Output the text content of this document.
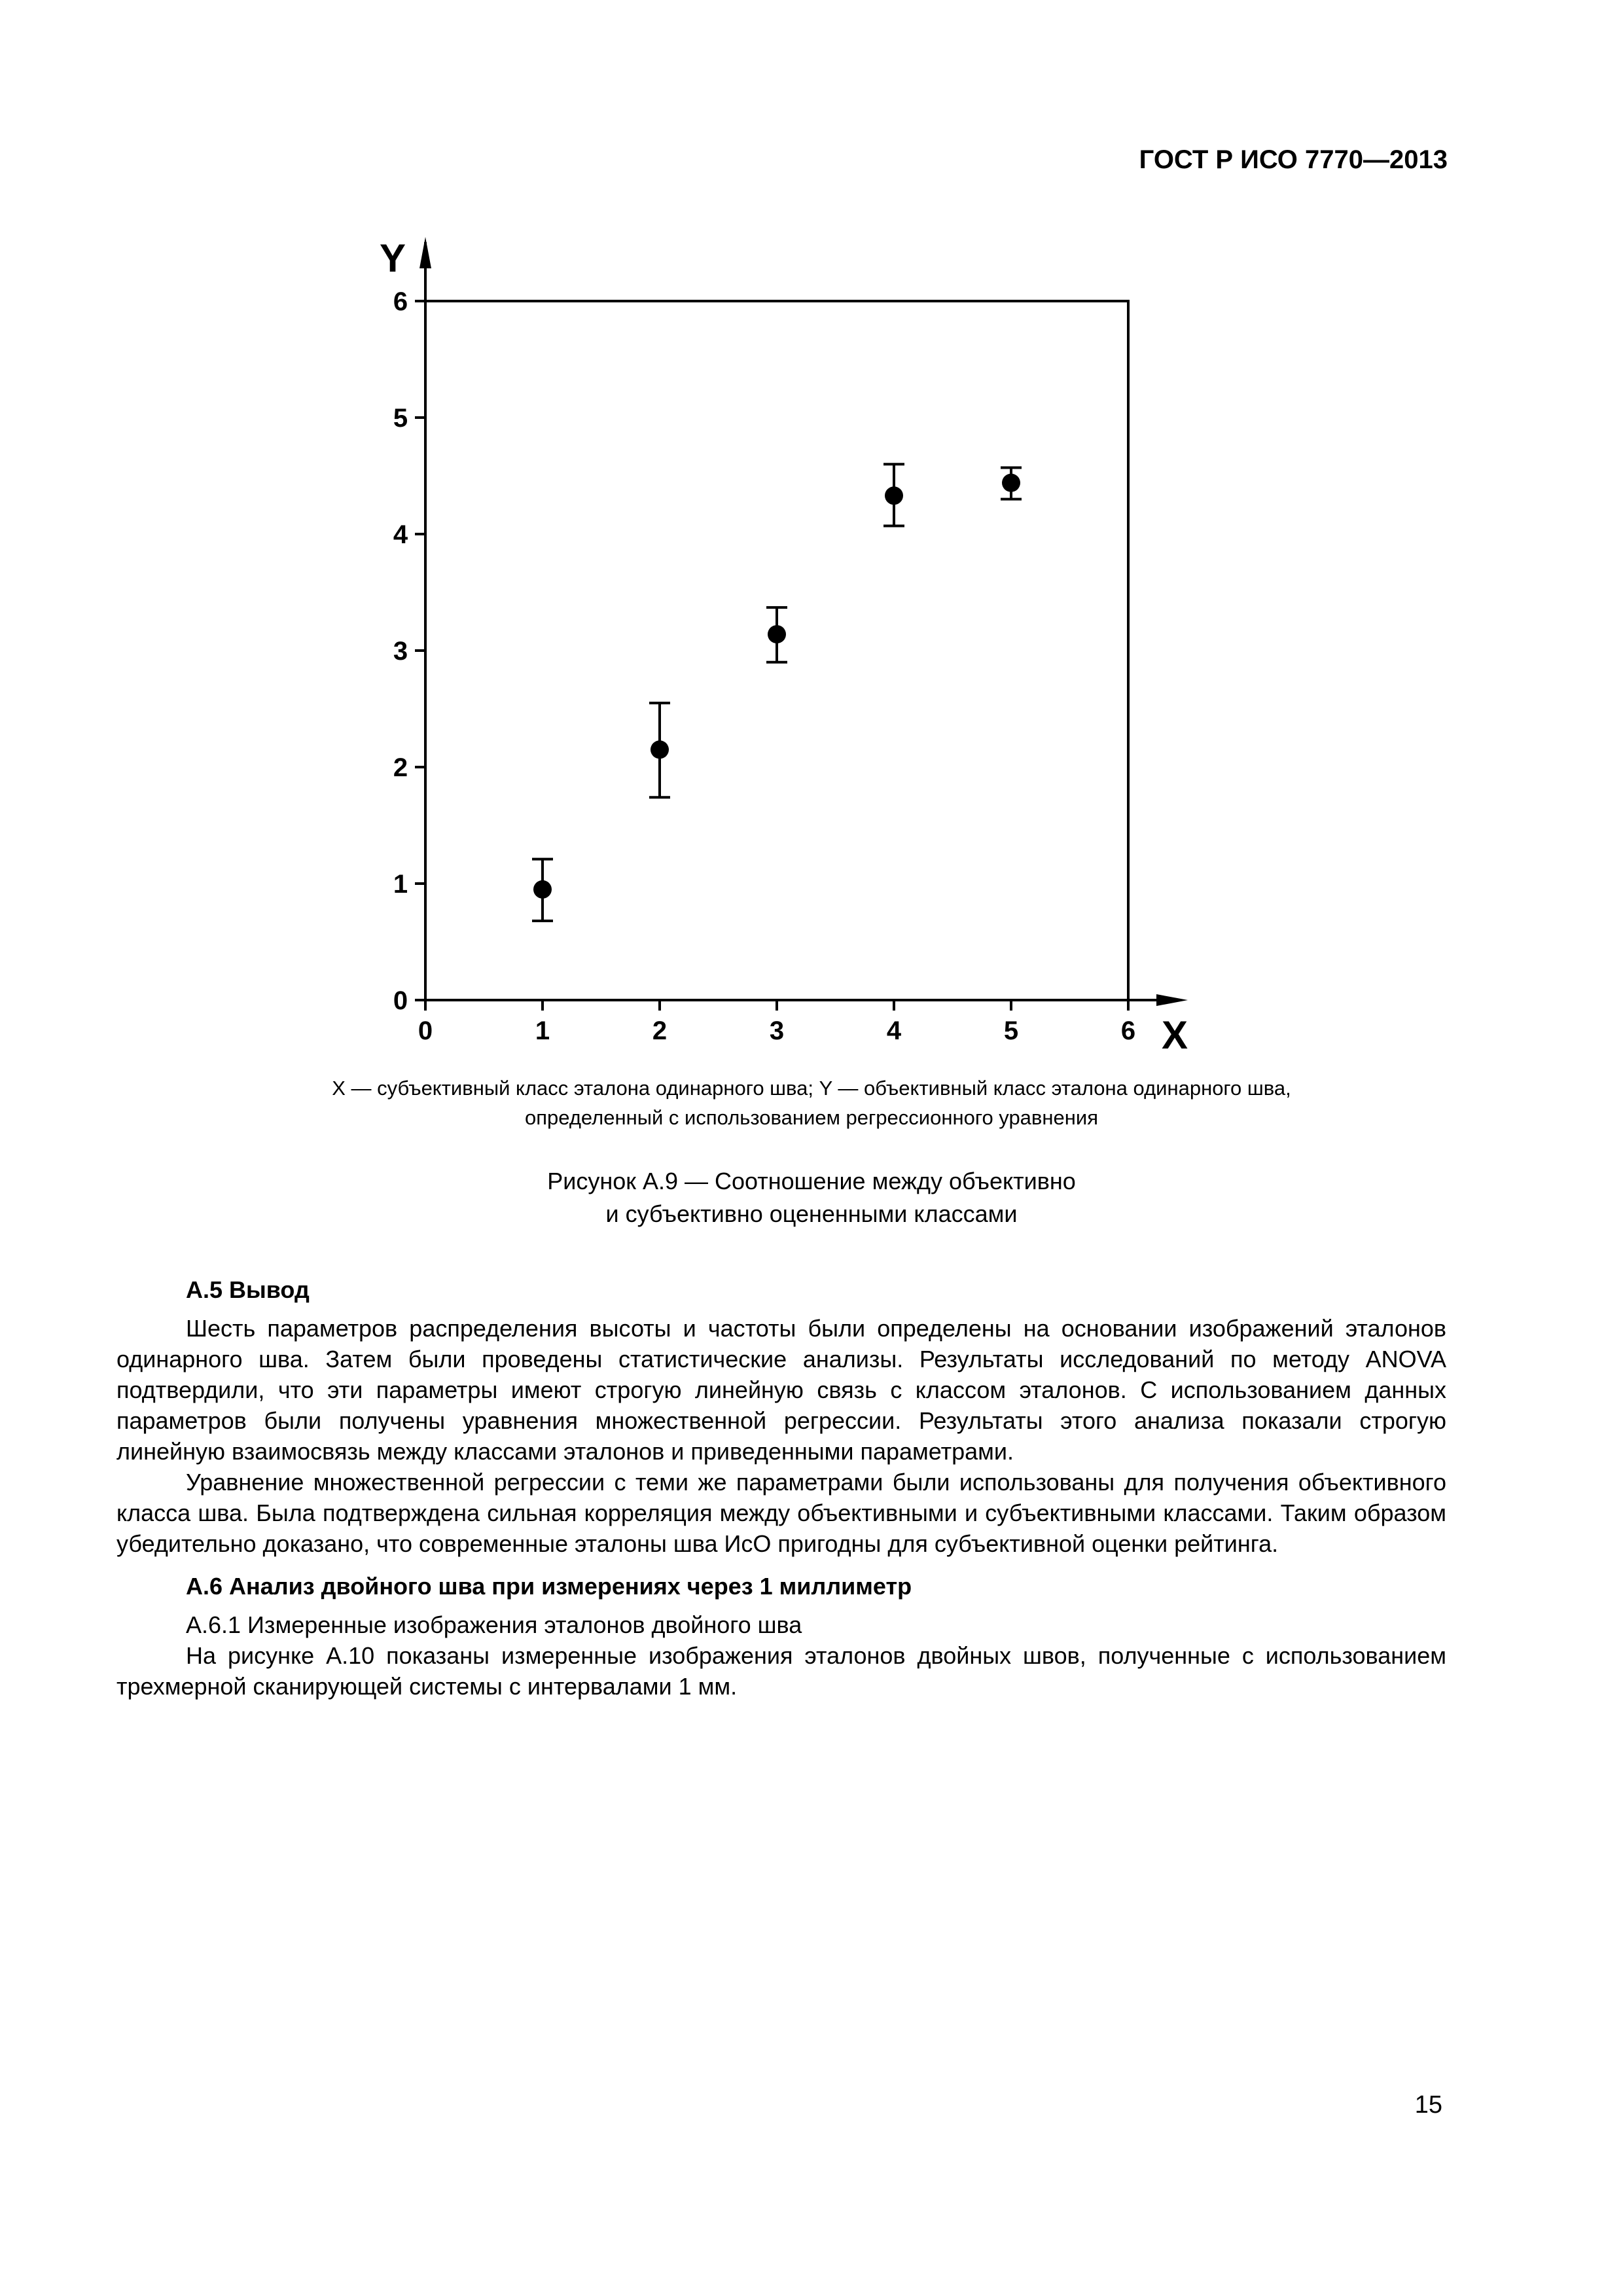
ГОСТ Р ИСО 7770—2013
0
1
2
3
4
5
6
0	1	2	3	4	5	6
Y
X
X — субъективный класс эталона одинарного шва; Y — объективный класс эталона одинарного шва,
определенный с использованием регрессионного уравнения
Рисунок А.9 — Соотношение между объективно
и субъективно оцененными классами

А.5 Вывод

Шесть параметров распределения высоты и частоты были определены на основании изображений эталонов одинарного шва. Затем были проведены статистические анализы. Результаты исследований по методу ANOVA подтвердили, что эти параметры имеют строгую линейную связь с классом эталонов. С использованием данных параметров были получены уравнения множественной регрессии. Результаты этого анализа показали строгую линейную взаимосвязь между классами эталонов и приведенными параметрами.

Уравнение множественной регрессии с теми же параметрами были использованы для получения объективного класса шва. Была подтверждена сильная корреляция между объективными и субъективными классами. Таким образом убедительно доказано, что современные эталоны шва ИсО пригодны для субъективной оценки рейтинга.

А.6 Анализ двойного шва при измерениях через 1 миллиметр

А.6.1 Измеренные изображения эталонов двойного шва

На рисунке А.10 показаны измеренные изображения эталонов двойных швов, полученные с использованием трехмерной сканирующей системы с интервалами 1 мм.

15
